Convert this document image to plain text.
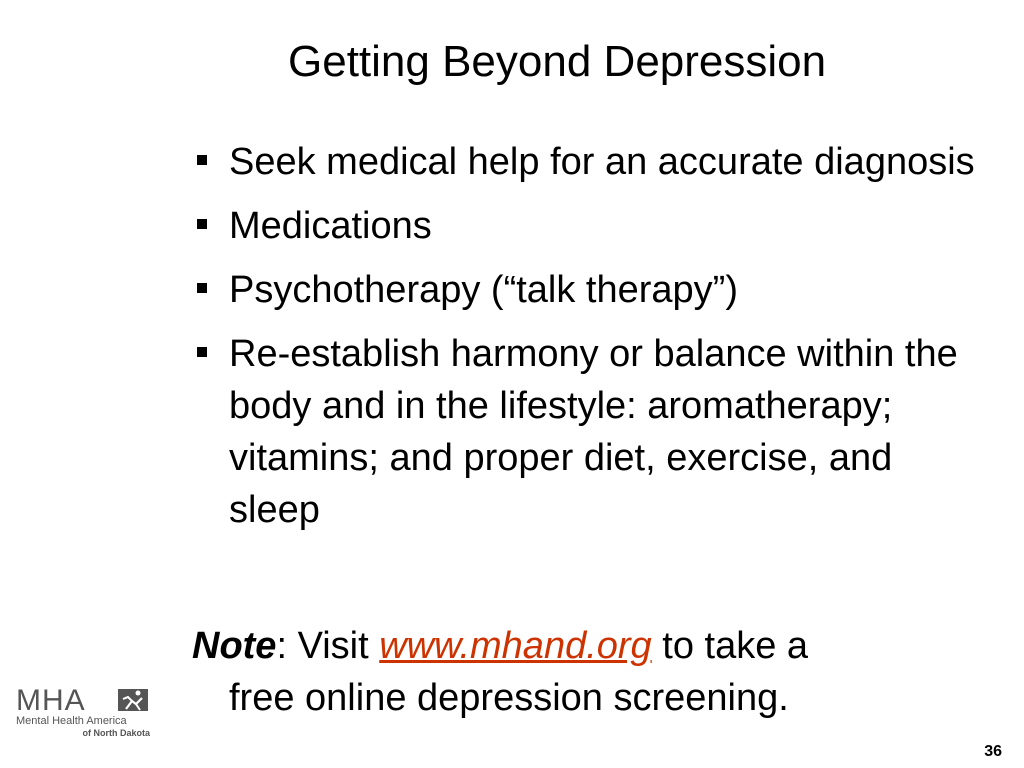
Getting Beyond Depression
Seek medical help for an accurate diagnosis
Medications
Psychotherapy (“talk therapy”)
Re-establish harmony or balance within the body and in the lifestyle: aromatherapy; vitamins; and proper diet, exercise, and sleep
Note: Visit www.mhand.org to take a
free online depression screening.
MHA
Mental Health America
of North Dakota
36
